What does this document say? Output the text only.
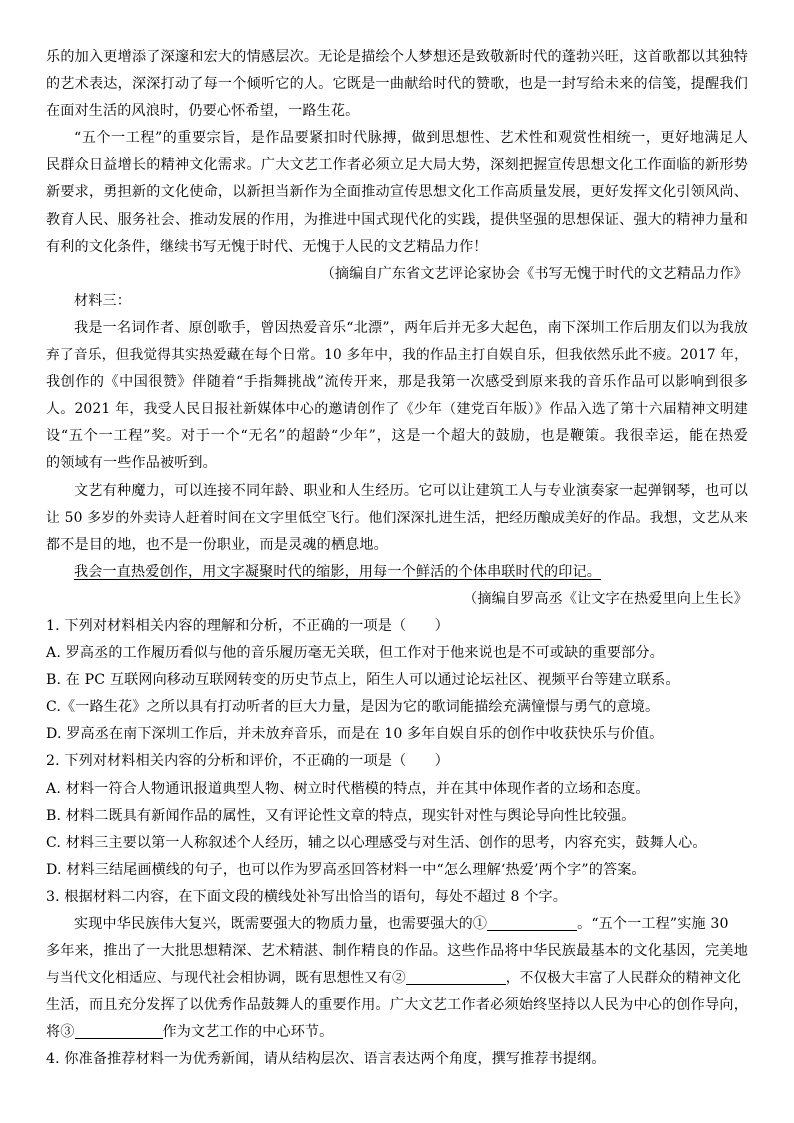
乐的加入更增添了深邃和宏大的情感层次。无论是描绘个人梦想还是致敬新时代的蓬勃兴旺，这首歌都以其独特
的艺术表达，深深打动了每一个倾听它的人。它既是一曲献给时代的赞歌，也是一封写给未来的信笺，提醒我们
在面对生活的风浪时，仍要心怀希望，一路生花。
“五个一工程”的重要宗旨，是作品要紧扣时代脉搏，做到思想性、艺术性和观赏性相统一，更好地满足人
民群众日益增长的精神文化需求。广大文艺工作者必须立足大局大势，深刻把握宣传思想文化工作面临的新形势
新要求，勇担新的文化使命，以新担当新作为全面推动宣传思想文化工作高质量发展，更好发挥文化引领风尚、
教育人民、服务社会、推动发展的作用，为推进中国式现代化的实践，提供坚强的思想保证、强大的精神力量和
有利的文化条件，继续书写无愧于时代、无愧于人民的文艺精品力作！
（摘编自广东省文艺评论家协会《书写无愧于时代的文艺精品力作》
材料三：
我是一名词作者、原创歌手，曾因热爱音乐“北漂”，两年后并无多大起色，南下深圳工作后朋友们以为我放
弃了音乐，但我觉得其实热爱藏在每个日常。10 多年中，我的作品主打自娱自乐，但我依然乐此不疲。2017 年，
我创作的《中国很赞》伴随着“手指舞挑战”流传开来，那是我第一次感受到原来我的音乐作品可以影响到很多
人。2021 年，我受人民日报社新媒体中心的邀请创作了《少年（建党百年版）》作品入选了第十六届精神文明建
设“五个一工程”奖。对于一个“无名”的超龄“少年”，这是一个超大的鼓励，也是鞭策。我很幸运，能在热爱
的领域有一些作品被听到。
文艺有种魔力，可以连接不同年龄、职业和人生经历。它可以让建筑工人与专业演奏家一起弹钢琴，也可以
让 50 多岁的外卖诗人赶着时间在文字里低空飞行。他们深深扎进生活，把经历酿成美好的作品。我想，文艺从来
都不是目的地，也不是一份职业，而是灵魂的栖息地。
我会一直热爱创作，用文字凝聚时代的缩影，用每一个鲜活的个体串联时代的印记。
（摘编自罗高丞《让文字在热爱里向上生长》
1. 下列对材料相关内容的理解和分析，不正确的一项是（　　）
A. 罗高丞的工作履历看似与他的音乐履历毫无关联，但工作对于他来说也是不可或缺的重要部分。
B. 在 PC 互联网向移动互联网转变的历史节点上，陌生人可以通过论坛社区、视频平台等建立联系。
C.《一路生花》之所以具有打动听者的巨大力量，是因为它的歌词能描绘充满憧憬与勇气的意境。
D. 罗高丞在南下深圳工作后，并未放弃音乐，而是在 10 多年自娱自乐的创作中收获快乐与价值。
2. 下列对材料相关内容的分析和评价，不正确的一项是（　　）
A. 材料一符合人物通讯报道典型人物、树立时代楷模的特点，并在其中体现作者的立场和态度。
B. 材料二既具有新闻作品的属性，又有评论性文章的特点，现实针对性与舆论导向性比较强。
C. 材料三主要以第一人称叙述个人经历，辅之以心理感受与对生活、创作的思考，内容充实，鼓舞人心。
D. 材料三结尾画横线的句子，也可以作为罗高丞回答材料一中“怎么理解‘热爱’两个字”的答案。
3. 根据材料二内容，在下面文段的横线处补写出恰当的语句，每处不超过 8 个字。
实现中华民族伟大复兴，既需要强大的物质力量，也需要强大的①	。“五个一工程”实施 30
多年来，推出了一大批思想精深、艺术精湛、制作精良的作品。这些作品将中华民族最基本的文化基因，完美地
与当代文化相适应、与现代社会相协调，既有思想性又有②	，不仅极大丰富了人民群众的精神文化
生活，而且充分发挥了以优秀作品鼓舞人的重要作用。广大文艺工作者必须始终坚持以人民为中心的创作导向，
将③	作为文艺工作的中心环节。
4. 你准备推荐材料一为优秀新闻，请从结构层次、语言表达两个角度，撰写推荐书提纲。
